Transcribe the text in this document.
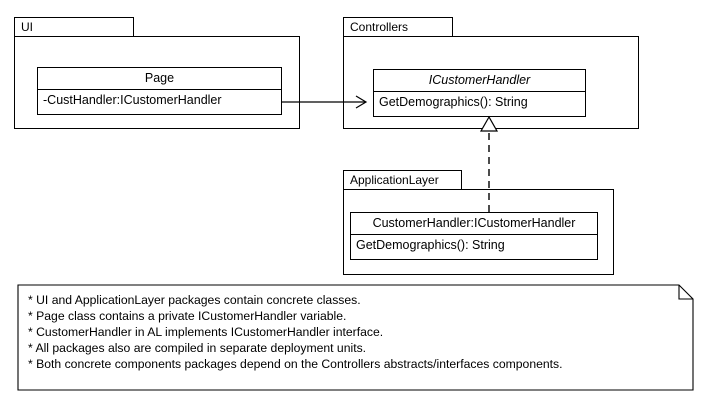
UI
Page
-CustHandler:ICustomerHandler
Controllers
ICustomerHandler
GetDemographics(): String
ApplicationLayer
CustomerHandler:ICustomerHandler
GetDemographics(): String
* UI and ApplicationLayer packages contain concrete classes.
* Page class contains a private ICustomerHandler variable.
* CustomerHandler in AL implements ICustomerHandler interface.
* All packages also are compiled in separate deployment units.
* Both concrete components packages depend on the Controllers abstracts/interfaces components.
